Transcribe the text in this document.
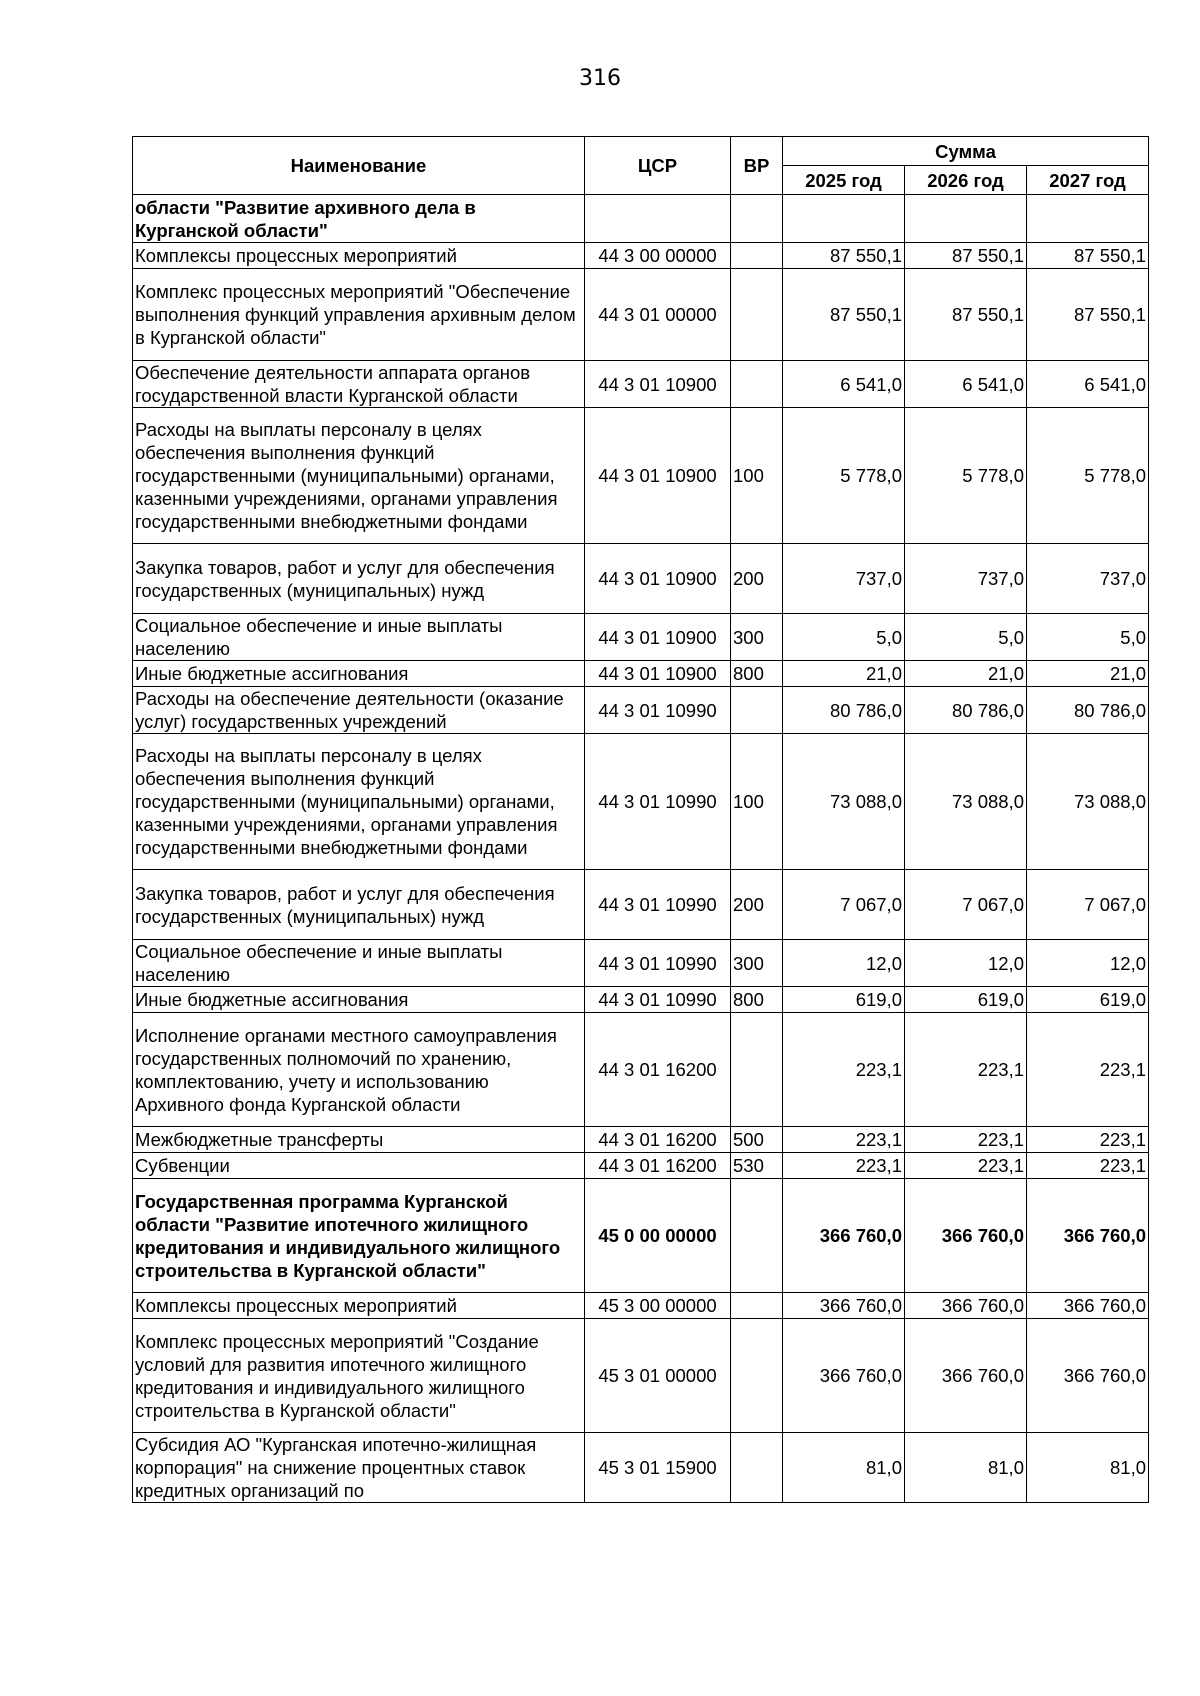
316
Наименование	ЦСР	ВР	Сумма		
			2025 год	2026 год	2027 год
области "Развитие архивного дела в Курганской области"					
Комплексы процессных мероприятий	44 3 00 00000		87 550,1	87 550,1	87 550,1
Комплекс процессных мероприятий "Обеспечение выполнения функций управления архивным делом в Курганской области"	44 3 01 00000		87 550,1	87 550,1	87 550,1
Обеспечение деятельности аппарата органов государственной власти Курганской области	44 3 01 10900		6 541,0	6 541,0	6 541,0
Расходы на выплаты персоналу в целях обеспечения выполнения функций государственными (муниципальными) органами, казенными учреждениями, органами управления государственными внебюджетными фондами	44 3 01 10900	100	5 778,0	5 778,0	5 778,0
Закупка товаров, работ и услуг для обеспечения государственных (муниципальных) нужд	44 3 01 10900	200	737,0	737,0	737,0
Социальное обеспечение и иные выплаты населению	44 3 01 10900	300	5,0	5,0	5,0
Иные бюджетные ассигнования	44 3 01 10900	800	21,0	21,0	21,0
Расходы на обеспечение деятельности (оказание услуг) государственных учреждений	44 3 01 10990		80 786,0	80 786,0	80 786,0
Расходы на выплаты персоналу в целях обеспечения выполнения функций государственными (муниципальными) органами, казенными учреждениями, органами управления государственными внебюджетными фондами	44 3 01 10990	100	73 088,0	73 088,0	73 088,0
Закупка товаров, работ и услуг для обеспечения государственных (муниципальных) нужд	44 3 01 10990	200	7 067,0	7 067,0	7 067,0
Социальное обеспечение и иные выплаты населению	44 3 01 10990	300	12,0	12,0	12,0
Иные бюджетные ассигнования	44 3 01 10990	800	619,0	619,0	619,0
Исполнение органами местного самоуправления государственных полномочий по хранению, комплектованию, учету и использованию Архивного фонда Курганской области	44 3 01 16200		223,1	223,1	223,1
Межбюджетные трансферты	44 3 01 16200	500	223,1	223,1	223,1
Субвенции	44 3 01 16200	530	223,1	223,1	223,1
Государственная программа Курганской области "Развитие ипотечного жилищного кредитования и индивидуального жилищного строительства в Курганской области"	45 0 00 00000		366 760,0	366 760,0	366 760,0
Комплексы процессных мероприятий	45 3 00 00000		366 760,0	366 760,0	366 760,0
Комплекс процессных мероприятий "Создание условий для развития ипотечного жилищного кредитования и индивидуального жилищного строительства в Курганской области"	45 3 01 00000		366 760,0	366 760,0	366 760,0
Субсидия АО "Курганская ипотечно-жилищная корпорация" на снижение процентных ставок кредитных организаций по	45 3 01 15900		81,0	81,0	81,0
